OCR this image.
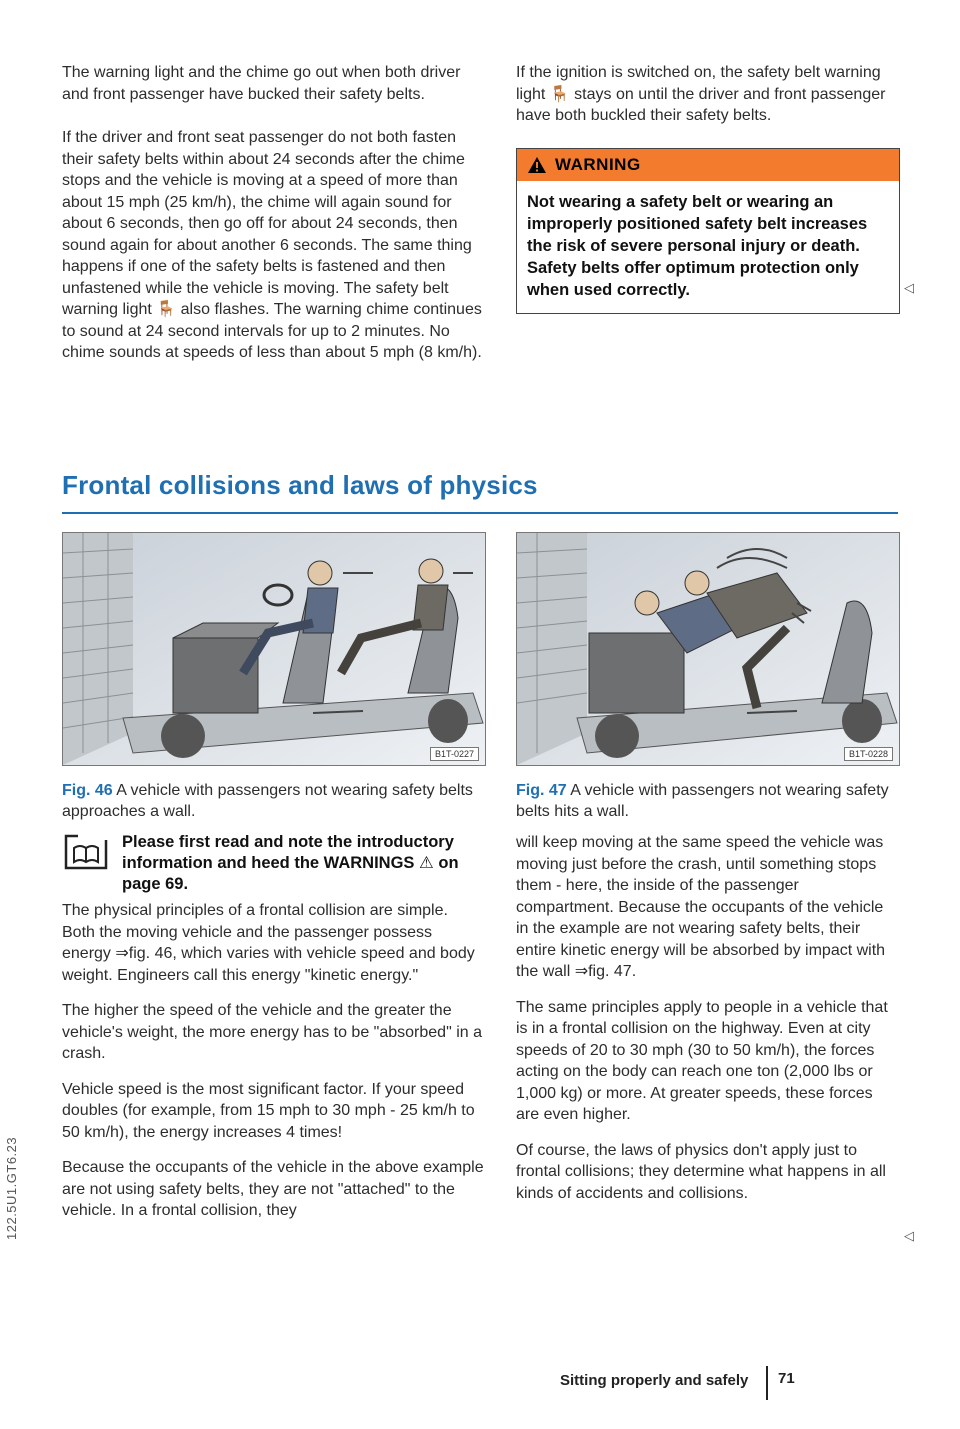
122.5U1.GT6.23

The warning light and the chime go out when both driver and front passenger have bucked their safety belts.

If the driver and front seat passenger do not both fasten their safety belts within about 24 seconds after the chime stops and the vehicle is moving at a speed of more than about 15 mph (25 km/h), the chime will again sound for about 6 seconds, then go off for about 24 seconds, then sound again for about another 6 seconds. The same thing happens if one of the safety belts is fastened and then unfastened while the vehicle is moving. The safety belt warning light 🪑 also flashes. The warning chime continues to sound at 24 second intervals for up to 2 minutes. No chime sounds at speeds of less than about 5 mph (8 km/h).

If the ignition is switched on, the safety belt warning light 🪑 stays on until the driver and front passenger have both buckled their safety belts.

WARNING
Not wearing a safety belt or wearing an improperly positioned safety belt increases the risk of severe personal injury or death. Safety belts offer optimum protection only when used correctly.	◁
Frontal collisions and laws of physics
B1T-0227
Fig. 46 A vehicle with passengers not wearing safety belts approaches a wall.
B1T-0228
Fig. 47 A vehicle with passengers not wearing safety belts hits a wall.
Please first read and note the introductory information and heed the WARNINGS ⚠ on page 69.

The physical principles of a frontal collision are simple. Both the moving vehicle and the passenger possess energy ⇒fig. 46, which varies with vehicle speed and body weight. Engineers call this energy "kinetic energy."

The higher the speed of the vehicle and the greater the vehicle's weight, the more energy has to be "absorbed" in a crash.

Vehicle speed is the most significant factor. If your speed doubles (for example, from 15 mph to 30 mph - 25 km/h to 50 km/h), the energy increases 4 times!

Because the occupants of the vehicle in the above example are not using safety belts, they are not "attached" to the vehicle. In a frontal collision, they

will keep moving at the same speed the vehicle was moving just before the crash, until something stops them - here, the inside of the passenger compartment. Because the occupants of the vehicle in the example are not wearing safety belts, their entire kinetic energy will be absorbed by impact with the wall ⇒fig. 47.

The same principles apply to people in a vehicle that is in a frontal collision on the highway. Even at city speeds of 20 to 30 mph (30 to 50 km/h), the forces acting on the body can reach one ton (2,000 lbs or 1,000 kg) or more. At greater speeds, these forces are even higher.

Of course, the laws of physics don't apply just to frontal collisions; they determine what happens in all kinds of accidents and collisions.

◁
Sitting properly and safely 71
